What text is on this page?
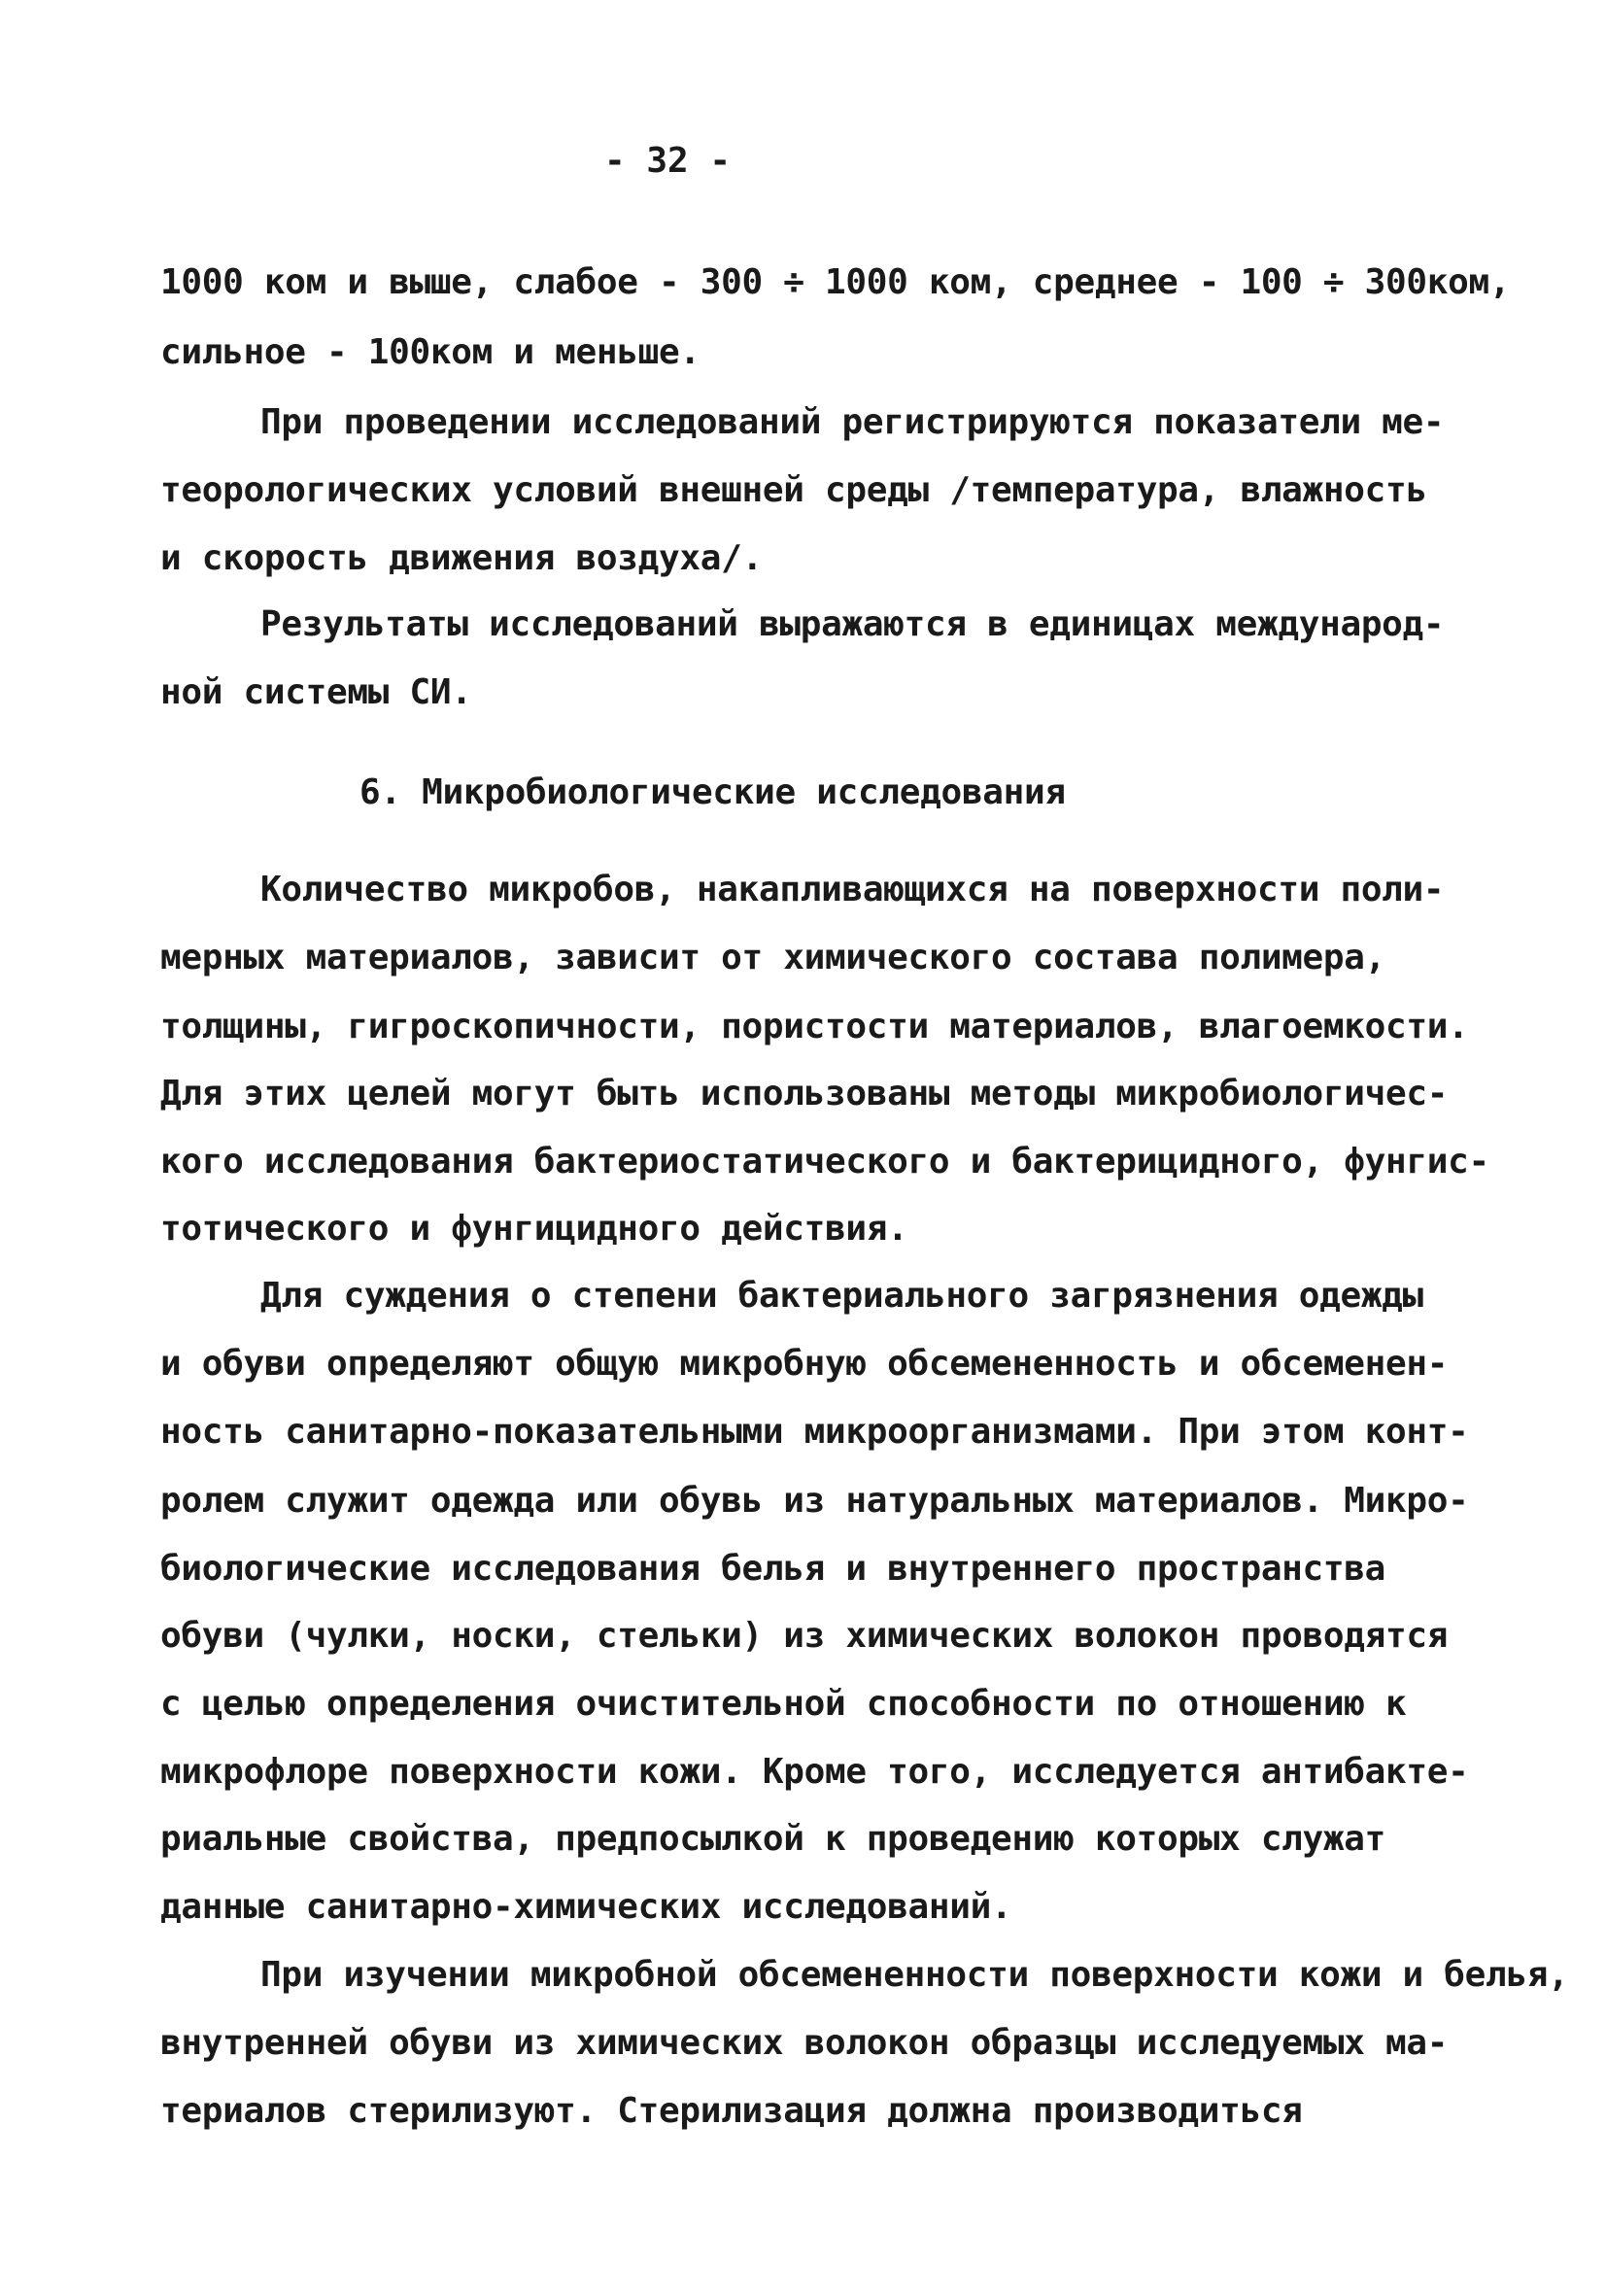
- 32 -
1000 ком и выше, слабое - 300 ÷ 1000 ком, среднее - 100 ÷ 300ком,
сильное - 100ком и меньше.
При проведении исследований регистрируются показатели ме-
теорологических условий внешней среды /температура, влажность
и скорость движения воздуха/.
Результаты исследований выражаются в единицах международ-
ной системы СИ.
6. Микробиологические исследования
Количество микробов, накапливающихся на поверхности поли-
мерных материалов, зависит от химического состава полимера,
толщины, гигроскопичности, пористости материалов, влагоемкости.
Для этих целей могут быть использованы методы микробиологичес-
кого исследования бактериостатического и бактерицидного, фунгис-
тотического и фунгицидного действия.
Для суждения о степени бактериального загрязнения одежды
и обуви определяют общую микробную обсемененность и обсеменен-
ность санитарно-показательными микроорганизмами. При этом конт-
ролем служит одежда или обувь из натуральных материалов. Микро-
биологические исследования белья и внутреннего пространства
обуви (чулки, носки, стельки) из химических волокон проводятся
с целью определения очистительной способности по отношению к
микрофлоре поверхности кожи. Кроме того, исследуется антибакте-
риальные свойства, предпосылкой к проведению которых служат
данные санитарно-химических исследований.
При изучении микробной обсемененности поверхности кожи и белья,
внутренней обуви из химических волокон образцы исследуемых ма-
териалов стерилизуют. Стерилизация должна производиться
